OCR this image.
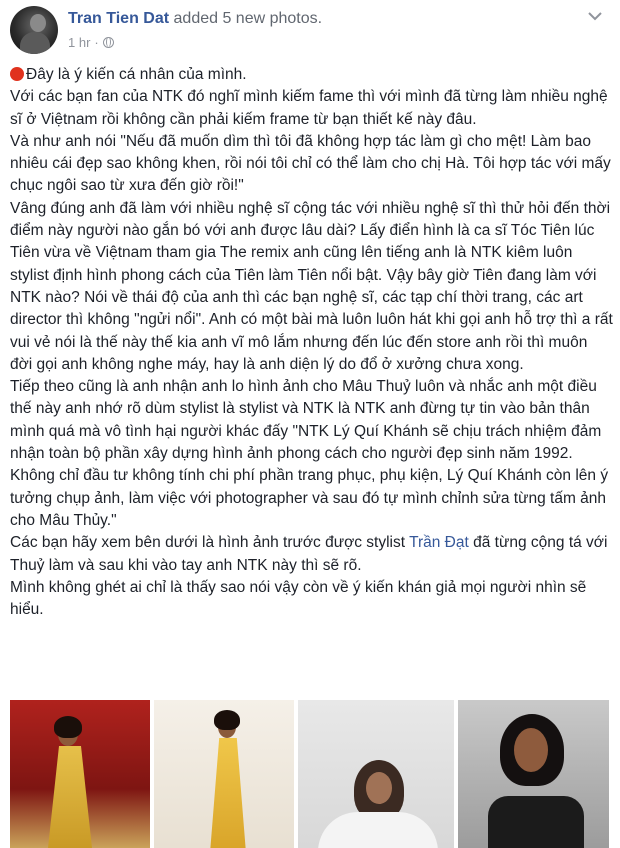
Tran Tien Dat added 5 new photos.
1 hr ·

Đây là ý kiến cá nhân của mình.

Với các bạn fan của NTK đó nghĩ mình kiếm fame thì với mình đã từng làm nhiều nghệ sĩ ở Việtnam rồi không cần phải kiếm frame từ bạn thiết kế này đâu.

Và như anh nói "Nếu đã muốn dìm thì tôi đã không hợp tác làm gì cho mệt! Làm bao nhiêu cái đẹp sao không khen, rồi nói tôi chỉ có thể làm cho chị Hà. Tôi hợp tác với mấy chục ngôi sao từ xưa đến giờ rồi!"

Vâng đúng anh đã làm với nhiều nghệ sĩ cộng tác với nhiều nghệ sĩ thì thử hỏi đến thời điểm này người nào gắn bó với anh được lâu dài? Lấy điển hình là ca sĩ Tóc Tiên lúc Tiên vừa về Việtnam tham gia The remix anh cũng lên tiếng anh là NTK kiêm luôn stylist định hình phong cách của Tiên làm Tiên nổi bật. Vậy bây giờ Tiên đang làm với NTK nào? Nói về thái độ của anh thì các bạn nghệ sĩ, các tạp chí thời trang, các art director thì không "ngửi nổi". Anh có một bài mà luôn luôn hát khi gọi anh hỗ trợ thì a rất vui vẻ nói là thế này thế kia anh vĩ mô lắm nhưng đến lúc đến store anh rồi thì muôn đời gọi anh không nghe máy, hay là anh diện lý do đổ ở xưởng chưa xong.

Tiếp theo cũng là anh nhận anh lo hình ảnh cho Mâu Thuỷ luôn và nhắc anh một điều thế này anh nhớ rõ dùm stylist là stylist và NTK là NTK anh đừng tự tin vào bản thân mình quá mà vô tình hại người khác đấy "NTK Lý Quí Khánh sẽ chịu trách nhiệm đảm nhận toàn bộ phần xây dựng hình ảnh phong cách cho người đẹp sinh năm 1992. Không chỉ đầu tư không tính chi phí phần trang phục, phụ kiện, Lý Quí Khánh còn lên ý tưởng chụp ảnh, làm việc với photographer và sau đó tự mình chỉnh sửa từng tấm ảnh cho Mâu Thủy."

Các bạn hãy xem bên dưới là hình ảnh trước được stylist Trần Đạt đã từng cộng tá với Thuỷ làm và sau khi vào tay anh NTK này thì sẽ rõ.

Mình không ghét ai chỉ là thấy sao nói vậy còn về ý kiến khán giả mọi người nhìn sẽ hiểu.
